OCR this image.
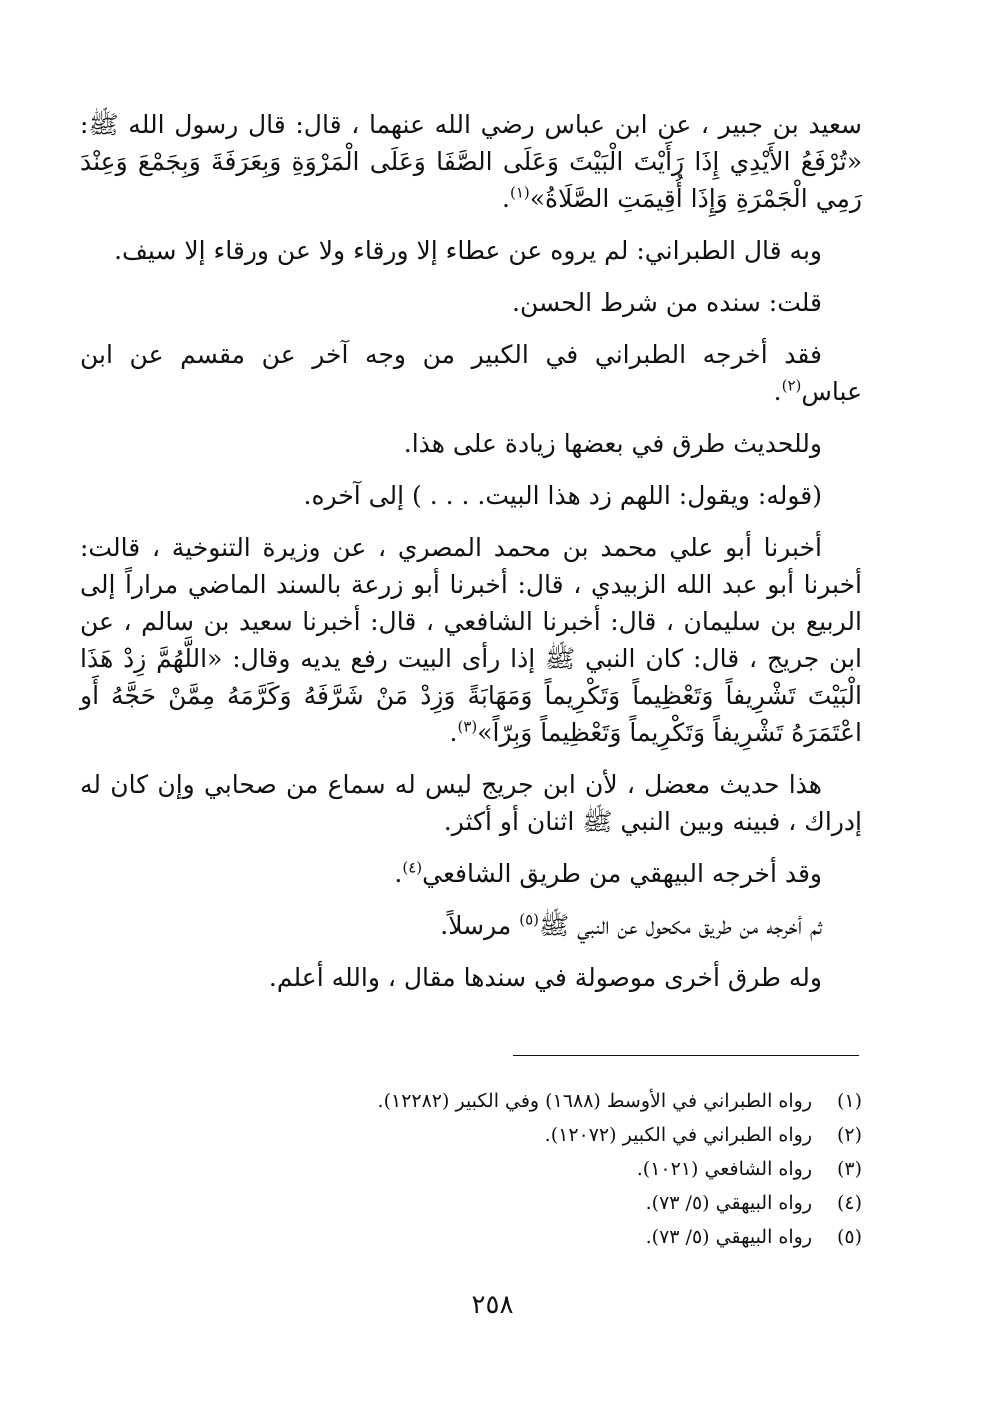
سعيد بن جبير ، عن ابن عباس رضي الله عنهما ، قال: قال رسول الله ﷺ: «تُرْفَعُ الأَيْدِي إِذَا رَأَيْتَ الْبَيْتَ وَعَلَى الصَّفَا وَعَلَى الْمَرْوَةِ وَبِعَرَفَةَ وَبِجَمْعَ وَعِنْدَ رَمِي الْجَمْرَةِ وَإِذَا أُقِيمَتِ الصَّلَاةُ»$^{(١)}$.

وبه قال الطبراني: لم يروه عن عطاء إلا ورقاء ولا عن ورقاء إلا سيف.

قلت: سنده من شرط الحسن.

فقد أخرجه الطبراني في الكبير من وجه آخر عن مقسم عن ابن عباس$^{(٢)}$.

وللحديث طرق في بعضها زيادة على هذا.

(قوله: ويقول: اللهم زد هذا البيت. . . . ) إلى آخره.

أخبرنا أبو علي محمد بن محمد المصري ، عن وزيرة التنوخية ، قالت: أخبرنا أبو عبد الله الزبيدي ، قال: أخبرنا أبو زرعة بالسند الماضي مراراً إلى الربيع بن سليمان ، قال: أخبرنا الشافعي ، قال: أخبرنا سعيد بن سالم ، عن ابن جريج ، قال: كان النبي ﷺ إذا رأى البيت رفع يديه وقال: «اللَّهُمَّ زِدْ هَذَا الْبَيْتَ تَشْرِيفاً وَتَعْظِيماً وَتَكْرِيماً وَمَهَابَةً وَزِدْ مَنْ شَرَّفَهُ وَكَرَّمَهُ مِمَّنْ حَجَّهُ أَو اعْتَمَرَهُ تَشْرِيفاً وَتَكْرِيماً وَتَعْظِيماً وَبِرّاً»$^{(٣)}$.

هذا حديث معضل ، لأن ابن جريج ليس له سماع من صحابي وإن كان له إدراك ، فبينه وبين النبي ﷺ اثنان أو أكثر.

وقد أخرجه البيهقي من طريق الشافعي$^{(٤)}$.

ثم أخرجه من طريق مكحول عن النبي ﷺ$^{(٥)}$ مرسلاً.

وله طرق أخرى موصولة في سندها مقال ، والله أعلم.

(١)
رواه الطبراني في الأوسط (١٦٨٨) وفي الكبير (١٢٢٨٢).
(٢)
رواه الطبراني في الكبير (١٢٠٧٢).
(٣)
رواه الشافعي (١٠٢١).
(٤)
رواه البيهقي (٥/ ٧٣).
(٥)
رواه البيهقي (٥/ ٧٣).
٢٥٨
